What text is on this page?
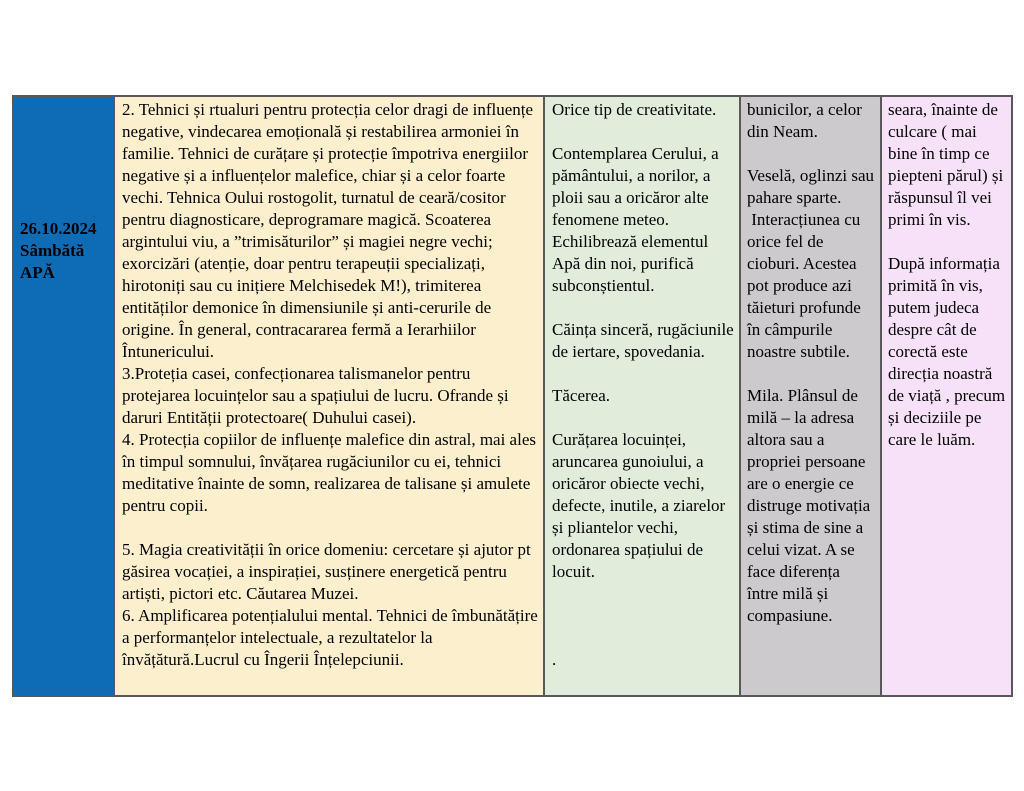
26.10.2024

Sâmbătă

APĂ

2. Tehnici și rtualuri pentru protecția celor dragi de influențe negative, vindecarea emoțională și restabilirea armoniei în familie. Tehnici de curățare și protecție împotriva energiilor negative și a influențelor malefice, chiar și a celor foarte vechi. Tehnica Oului rostogolit, turnatul de ceară/cositor pentru diagnosticare, deprogramare magică. Scoaterea argintului viu, a ”trimisăturilor” și magiei negre vechi; exorcizări (atenție, doar pentru terapeuții specializați, hirotoniți sau cu inițiere Melchisedek M!), trimiterea entităților demonice în dimensiunile și anti-cerurile de origine. În general, contracararea fermă a Ierarhiilor Întunericului.

3.Proteția casei, confecționarea talismanelor pentru protejarea locuințelor sau a spațiului de lucru. Ofrande și daruri Entității protectoare( Duhului casei).

4. Protecția copiilor de influențe malefice din astral, mai ales în timpul somnului, învățarea rugăciunilor cu ei, tehnici meditative înainte de somn, realizarea de talisane și amulete pentru copii.

5. Magia creativității în orice domeniu: cercetare și ajutor pt găsirea vocației, a inspirației, susținere energetică pentru artiști, pictori etc. Căutarea Muzei.

6. Amplificarea potențialului mental. Tehnici de îmbunătățire a performanțelor intelectuale, a rezultatelor la învățătură.Lucrul cu Îngerii Înțelepciunii.

Orice tip de creativitate.

Contemplarea Cerului, a pământului, a norilor, a ploii sau a oricăror alte fenomene meteo. Echilibrează elementul Apă din noi, purifică subconștientul.

Căința sinceră, rugăciunile de iertare, spovedania.

Tăcerea.

Curățarea locuinței, aruncarea gunoiului, a oricăror obiecte vechi, defecte, inutile, a ziarelor și pliantelor vechi, ordonarea spațiului de locuit.

.

bunicilor, a celor din Neam.

Veselă, oglinzi sau pahare sparte.

Interacțiunea cu orice fel de cioburi. Acestea pot produce azi tăieturi profunde în câmpurile noastre subtile.

Mila. Plânsul de milă – la adresa altora sau a propriei persoane are o energie ce distruge motivația și stima de sine a celui vizat. A se face diferența între milă și compasiune.

seara, înainte de culcare ( mai bine în timp ce piepteni părul) și răspunsul îl vei primi în vis.

După informația primită în vis, putem judeca despre cât de corectă este direcția noastră de viață , precum și deciziile pe care le luăm.
